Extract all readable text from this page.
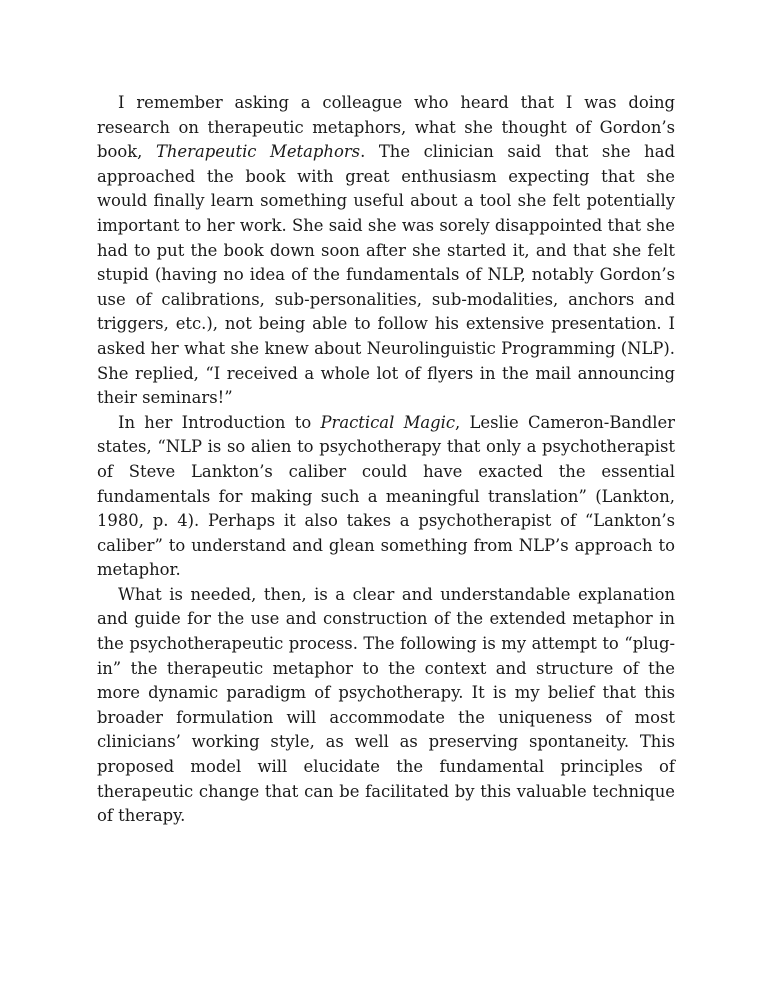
I remember asking a colleague who heard that I was doing research on therapeutic metaphors, what she thought of Gordon’s book, Therapeutic Metaphors. The clinician said that she had approached the book with great enthusiasm expecting that she would finally learn something useful about a tool she felt potentially important to her work. She said she was sorely disappointed that she had to put the book down soon after she started it, and that she felt stupid (having no idea of the fundamentals of NLP, notably Gordon’s use of calibrations, sub-personalities, sub-modalities, anchors and triggers, etc.), not being able to follow his extensive presentation. I asked her what she knew about Neurolinguistic Programming (NLP). She replied, “I received a whole lot of flyers in the mail announcing their seminars!”

In her Introduction to Practical Magic, Leslie Cameron-Bandler states, “NLP is so alien to psychotherapy that only a psychotherapist of Steve Lankton’s caliber could have exacted the essential fundamentals for making such a meaningful translation” (Lankton, 1980, p. 4). Perhaps it also takes a psychotherapist of “Lankton’s caliber” to understand and glean something from NLP’s approach to metaphor.

What is needed, then, is a clear and understandable explanation and guide for the use and construction of the extended metaphor in the psychotherapeutic process. The following is my attempt to “plug-in” the therapeutic metaphor to the context and structure of the more dynamic paradigm of psychotherapy. It is my belief that this broader formulation will accommodate the uniqueness of most clinicians’ working style, as well as preserving spontaneity. This proposed model will elucidate the fundamental principles of therapeutic change that can be facilitated by this valuable technique of therapy.
